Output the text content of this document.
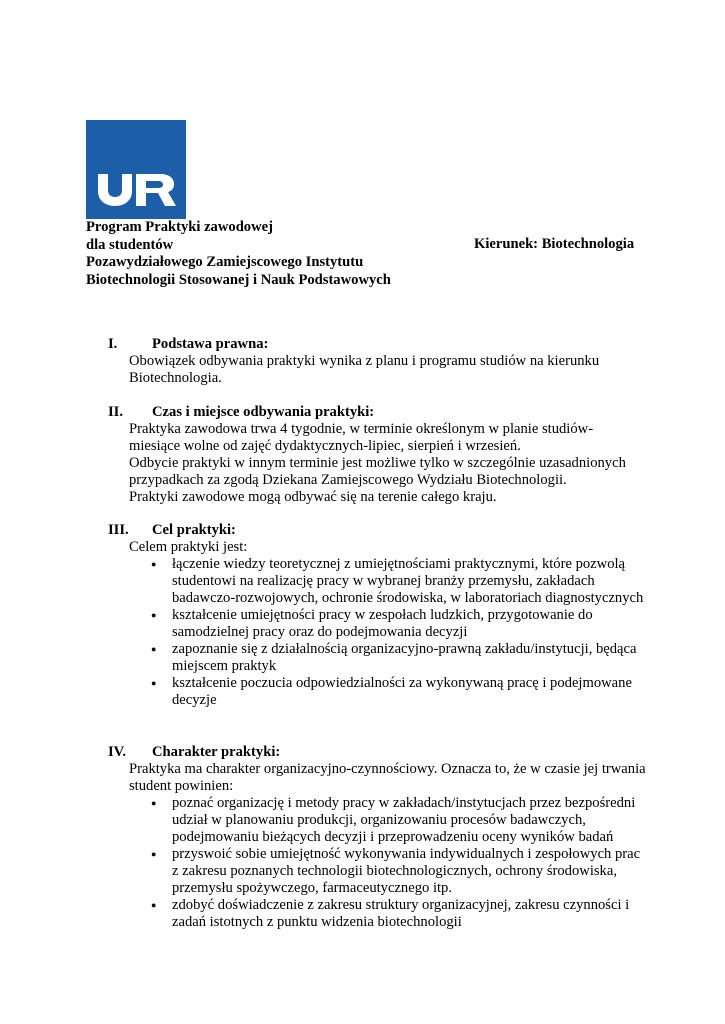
Program Praktyki zawodowej
dla studentów
Pozawydziałowego Zamiejscowego Instytutu
Biotechnologii Stosowanej i Nauk Podstawowych
Kierunek: Biotechnologia
I.	Podstawa prawna:

Obowiązek odbywania praktyki wynika z planu i programu studiów na kierunku Biotechnologia.

II.	Czas i miejsce odbywania praktyki:

Praktyka zawodowa trwa 4 tygodnie, w terminie określonym w planie studiów- miesiące wolne od zajęć dydaktycznych-lipiec, sierpień i wrzesień.

Odbycie praktyki w innym terminie jest możliwe tylko w szczególnie uzasadnionych przypadkach za zgodą Dziekana Zamiejscowego Wydziału Biotechnologii.

Praktyki zawodowe mogą odbywać się na terenie całego kraju.

III.	Cel praktyki:

Celem praktyki jest:

● łączenie wiedzy teoretycznej z umiejętnościami praktycznymi, które pozwolą studentowi na realizację pracy w wybranej branży przemysłu, zakładach badawczo-rozwojowych, ochronie środowiska, w laboratoriach diagnostycznych
● kształcenie umiejętności pracy w zespołach ludzkich, przygotowanie do samodzielnej pracy oraz do podejmowania decyzji
● zapoznanie się z działalnością organizacyjno-prawną zakładu/instytucji, będąca miejscem praktyk
● kształcenie poczucia odpowiedzialności za wykonywaną pracę i podejmowane decyzje
IV.	Charakter praktyki:

Praktyka ma charakter organizacyjno-czynnościowy. Oznacza to, że w czasie jej trwania student powinien:

● poznać organizację i metody pracy w zakładach/instytucjach przez bezpośredni udział w planowaniu produkcji, organizowaniu procesów badawczych, podejmowaniu bieżących decyzji i przeprowadzeniu oceny wyników badań
● przyswoić sobie umiejętność wykonywania indywidualnych i zespołowych prac z zakresu poznanych technologii biotechnologicznych, ochrony środowiska, przemysłu spożywczego, farmaceutycznego itp.
● zdobyć doświadczenie z zakresu struktury organizacyjnej, zakresu czynności i zadań istotnych z punktu widzenia biotechnologii
